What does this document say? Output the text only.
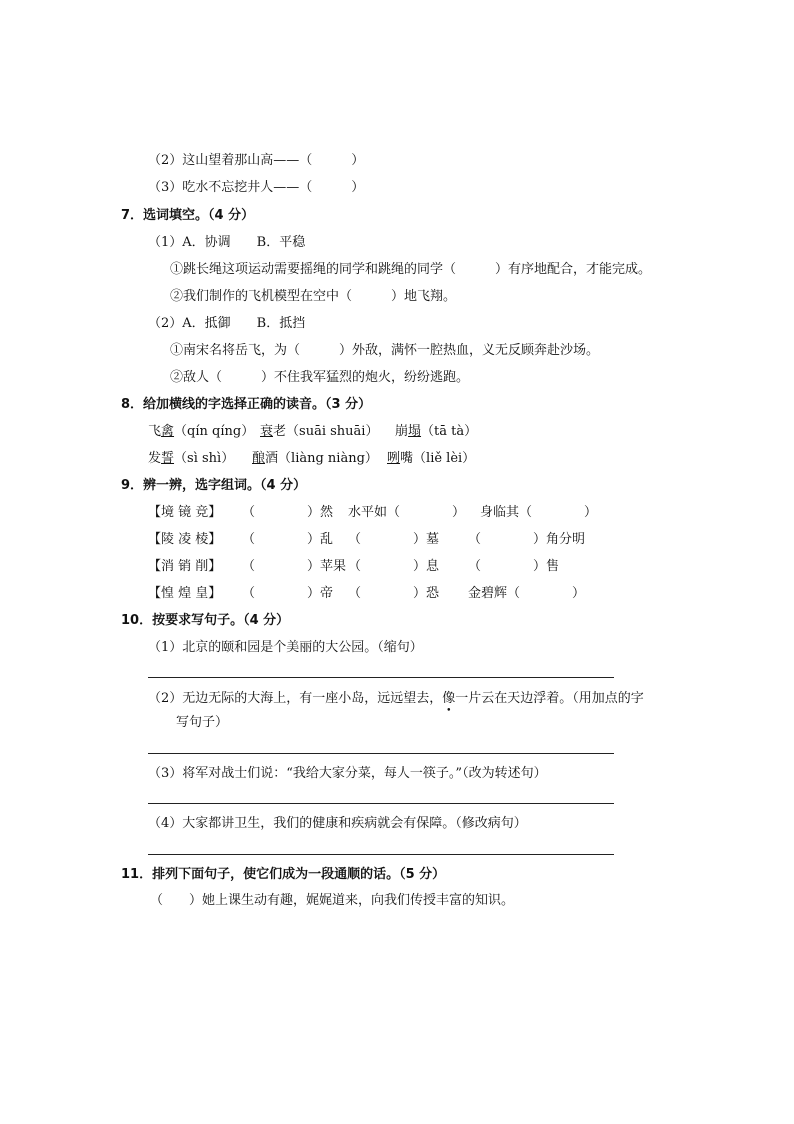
（2）这山望着那山高——（　　　）
（3）吃水不忘挖井人——（　　　）
7．选词填空。（4 分）
（1）A．协调　　B．平稳
①跳长绳这项运动需要摇绳的同学和跳绳的同学（　　　）有序地配合，才能完成。
②我们制作的飞机模型在空中（　　　）地飞翔。
（2）A．抵御　　B．抵挡
①南宋名将岳飞，为（　　　）外敌，满怀一腔热血，义无反顾奔赴沙场。
②敌人（　　　）不住我军猛烈的炮火，纷纷逃跑。
8．给加横线的字选择正确的读音。（3 分）
飞禽（qín qíng） 衰老（suāi shuāi） 崩塌（tā tà）
发誓（sì shì） 酿酒（liàng niàng） 咧嘴（liě lèi）
9．辨一辨，选字组词。（4 分）
【境 镜 竞】 （　　　　）然 水平如（　　　　） 身临其（　　　　）
【陵 凌 棱】 （　　　　）乱 （　　　　）墓 （　　　　）角分明
【消 销 削】 （　　　　）苹果 （　　　　）息 （　　　　）售
【惶 煌 皇】 （　　　　）帝 （　　　　）恐 金碧辉（　　　　）
10．按要求写句子。（4 分）
（1）北京的颐和园是个美丽的大公园。（缩句）
（2）无边无际的大海上，有一座小岛，远远望去，像一片云在天边浮着。（用加点的字
写句子）
（3）将军对战士们说：“我给大家分菜，每人一筷子。”（改为转述句）
（4）大家都讲卫生，我们的健康和疾病就会有保障。（修改病句）
11．排列下面句子，使它们成为一段通顺的话。（5 分）
（　　）她上课生动有趣，娓娓道来，向我们传授丰富的知识。
